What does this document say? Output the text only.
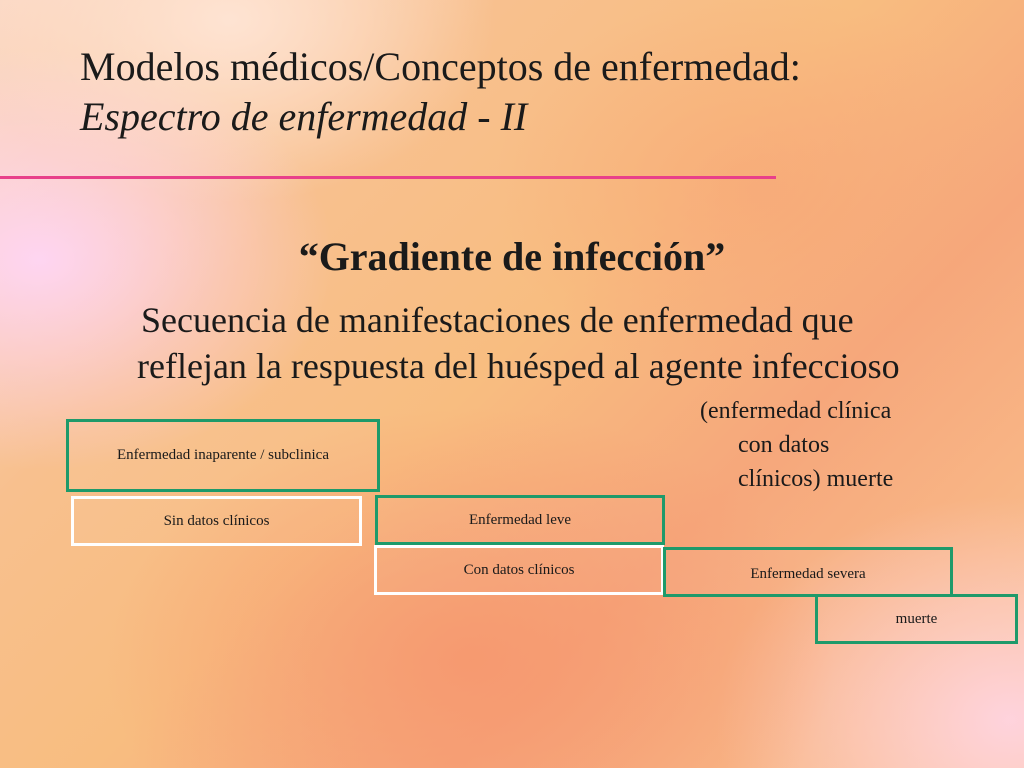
Modelos médicos/Conceptos de enfermedad:
Espectro de enfermedad - II
“Gradiente de infección”
Secuencia de manifestaciones de enfermedad que
reflejan la respuesta del huésped al agente infeccioso
(enfermedad clínica
con datos
clínicos) muerte
Enfermedad inaparente / subclinica
Sin datos clínicos	Enfermedad leve
Con datos clínicos	Enfermedad severa
muerte
